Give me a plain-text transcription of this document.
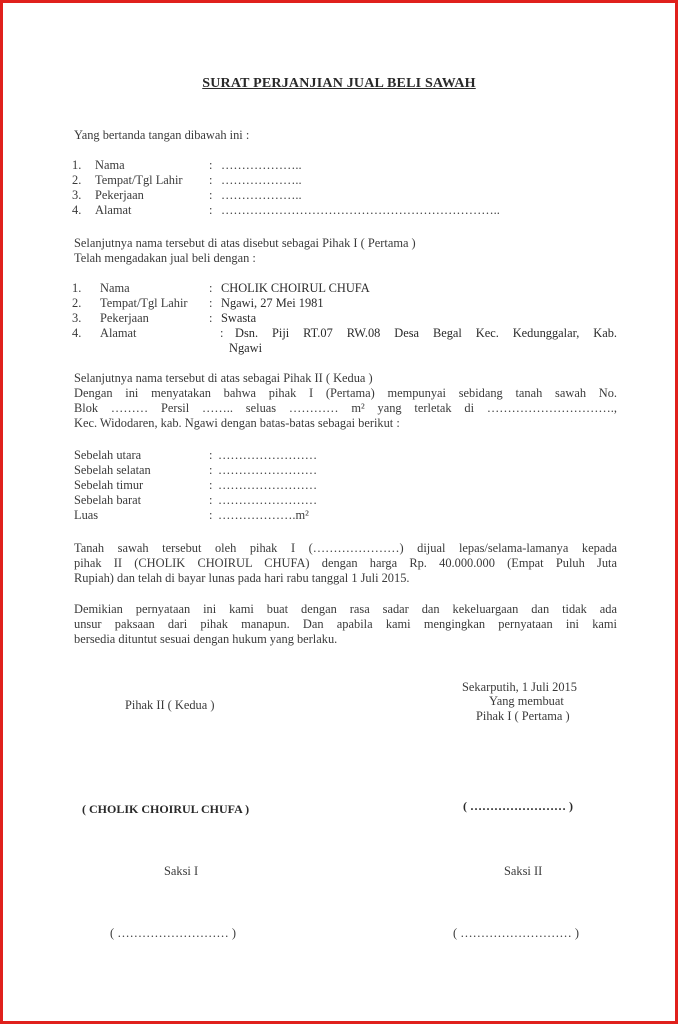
SURAT PERJANJIAN JUAL BELI SAWAH
Yang bertanda tangan dibawah ini :
1. Nama	: ………………..
2. Tempat/Tgl Lahir : ………………..
3. Pekerjaan	: ………………..
4. Alamat	: …………………………………………………………..
Selanjutnya nama tersebut di atas disebut sebagai Pihak I ( Pertama )
Telah mengadakan jual beli dengan :
1. Nama	: CHOLIK CHOIRUL CHUFA
2. Tempat/Tgl Lahir : Ngawi, 27 Mei 1981
3. Pekerjaan	: Swasta
4. Alamat	: Dsn. Piji RT.07 RW.08 Desa Begal Kec. Kedunggalar, Kab.
Ngawi
Selanjutnya nama tersebut di atas sebagai Pihak II ( Kedua )
Dengan ini menyatakan bahwa pihak I (Pertama) mempunyai sebidang tanah sawah No.
Blok ……… Persil …….. seluas ………… m² yang terletak di ………………………….,
Kec. Widodaren, kab. Ngawi dengan batas-batas sebagai berikut :
Sebelah utara	: ……………………
Sebelah selatan	: ……………………
Sebelah timur	: ……………………
Sebelah barat	: ……………………
Luas	: ……………….m²
Tanah sawah tersebut oleh pihak I (…………………) dijual lepas/selama-lamanya kepada
pihak II (CHOLIK CHOIRUL CHUFA) dengan harga Rp. 40.000.000 (Empat Puluh Juta
Rupiah) dan telah di bayar lunas pada hari rabu tanggal 1 Juli 2015.
Demikian pernyataan ini kami buat dengan rasa sadar dan kekeluargaan dan tidak ada
unsur paksaan dari pihak manapun. Dan apabila kami mengingkan pernyataan ini kami
bersedia dituntut sesuai dengan hukum yang berlaku.
Sekarputih, 1 Juli 2015
Yang membuat
Pihak I ( Pertama )
Pihak II ( Kedua )
( CHOLIK CHOIRUL CHUFA )	( …………………… )
Saksi I	Saksi II
( ……………………… )	( ……………………… )
